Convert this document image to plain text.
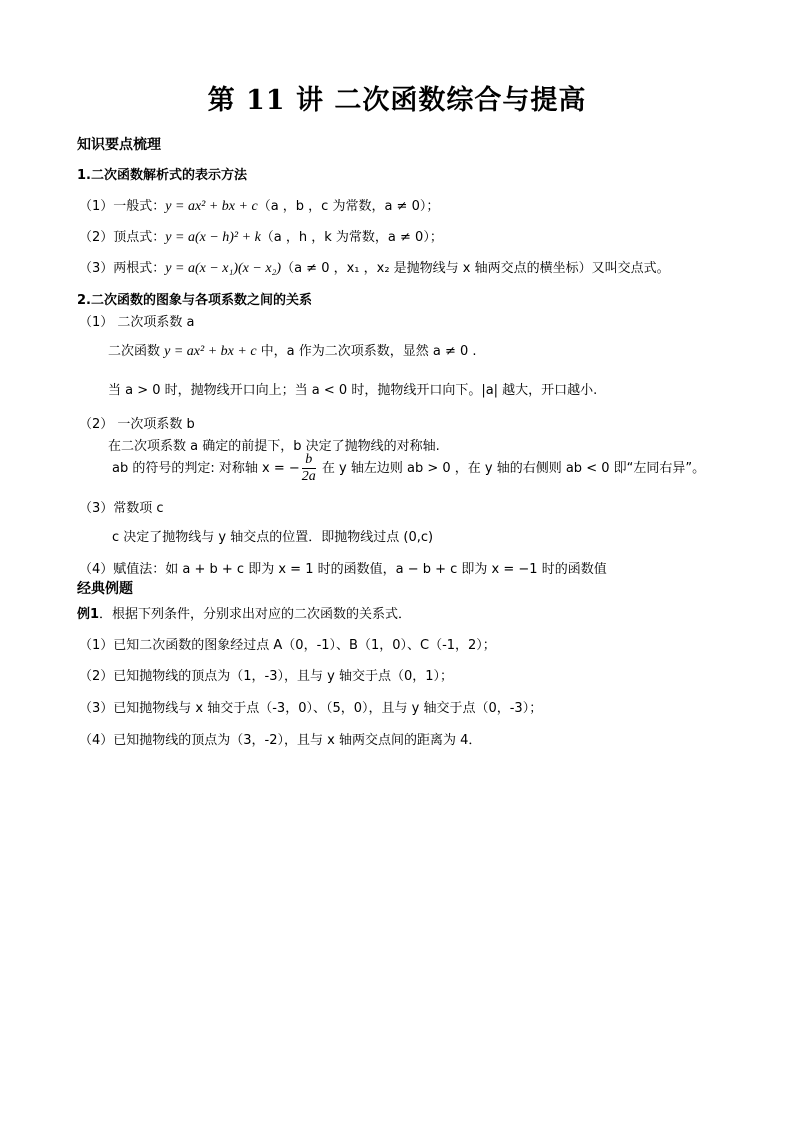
第 11 讲 二次函数综合与提高
知识要点梳理
1.二次函数解析式的表示方法
（1）一般式：y = ax² + bx + c（a ，b ，c 为常数，a ≠ 0）；
（2）顶点式：y = a(x − h)² + k（a ，h ，k 为常数，a ≠ 0）；
（3）两根式：y = a(x − x₁)(x − x₂)（a ≠ 0 ，x₁ ，x₂ 是抛物线与 x 轴两交点的横坐标）又叫交点式。
2.二次函数的图象与各项系数之间的关系
（1） 二次项系数 a
二次函数 y = ax² + bx + c 中，a 作为二次项系数，显然 a ≠ 0 .
当 a > 0 时，抛物线开口向上；当 a < 0 时，抛物线开口向下。|a| 越大，开口越小.
（2） 一次项系数 b
在二次项系数 a 确定的前提下，b 决定了抛物线的对称轴.
ab 的符号的判定: 对称轴 x = − $\frac{b}{2a}$ 在 y 轴左边则 ab > 0 ，在 y 轴的右侧则 ab < 0 即“左同右异”。
（3）常数项 c
c 决定了抛物线与 y 轴交点的位置．即抛物线过点 (0,c)
（4）赋值法：如 a + b + c 即为 x = 1 时的函数值，a − b + c 即为 x = −1 时的函数值
经典例题
例1．根据下列条件，分别求出对应的二次函数的关系式．
（1）已知二次函数的图象经过点 A（0，-1）、B（1，0）、C（-1，2）；
（2）已知抛物线的顶点为（1，-3），且与 y 轴交于点（0，1）；
（3）已知抛物线与 x 轴交于点（-3，0）、（5，0），且与 y 轴交于点（0，-3）；
（4）已知抛物线的顶点为（3，-2），且与 x 轴两交点间的距离为 4．
